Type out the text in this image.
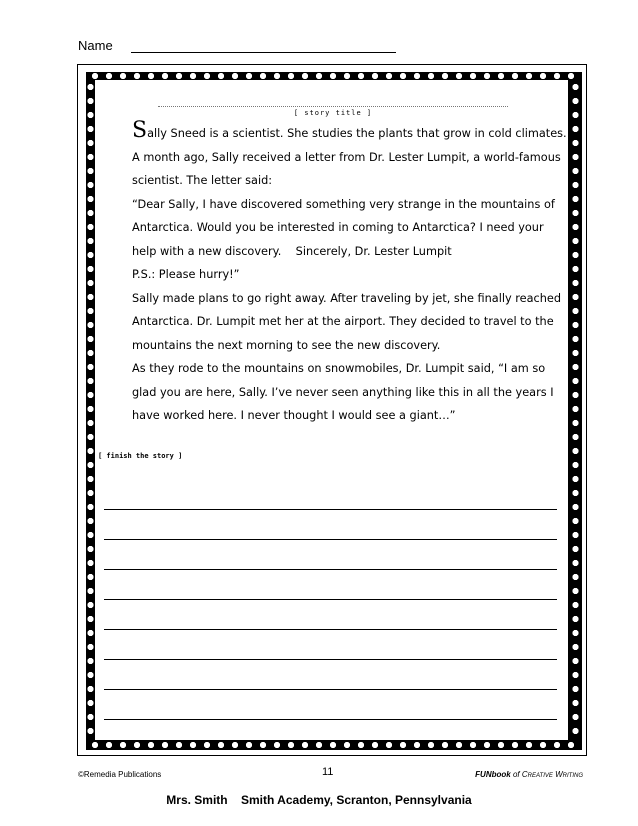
Name
[ story title ]

Sally Sneed is a scientist. She studies the plants that grow in cold climates. A month ago, Sally received a letter from Dr. Lester Lumpit, a world-famous scientist. The letter said:

“Dear Sally, I have discovered something very strange in the mountains of Antarctica. Would you be interested in coming to Antarctica? I need your help with a new discovery. Sincerely, Dr. Lester Lumpit
P.S.: Please hurry!”

Sally made plans to go right away. After traveling by jet, she finally reached Antarctica. Dr. Lumpit met her at the airport. They decided to travel to the mountains the next morning to see the new discovery.

As they rode to the mountains on snowmobiles, Dr. Lumpit said, “I am so glad you are here, Sally. I’ve never seen anything like this in all the years I have worked here. I never thought I would see a giant…”

[ finish the story ]
©Remedia Publications	11	FUNbook of Creative Writing
Mrs. Smith    Smith Academy, Scranton, Pennsylvania
